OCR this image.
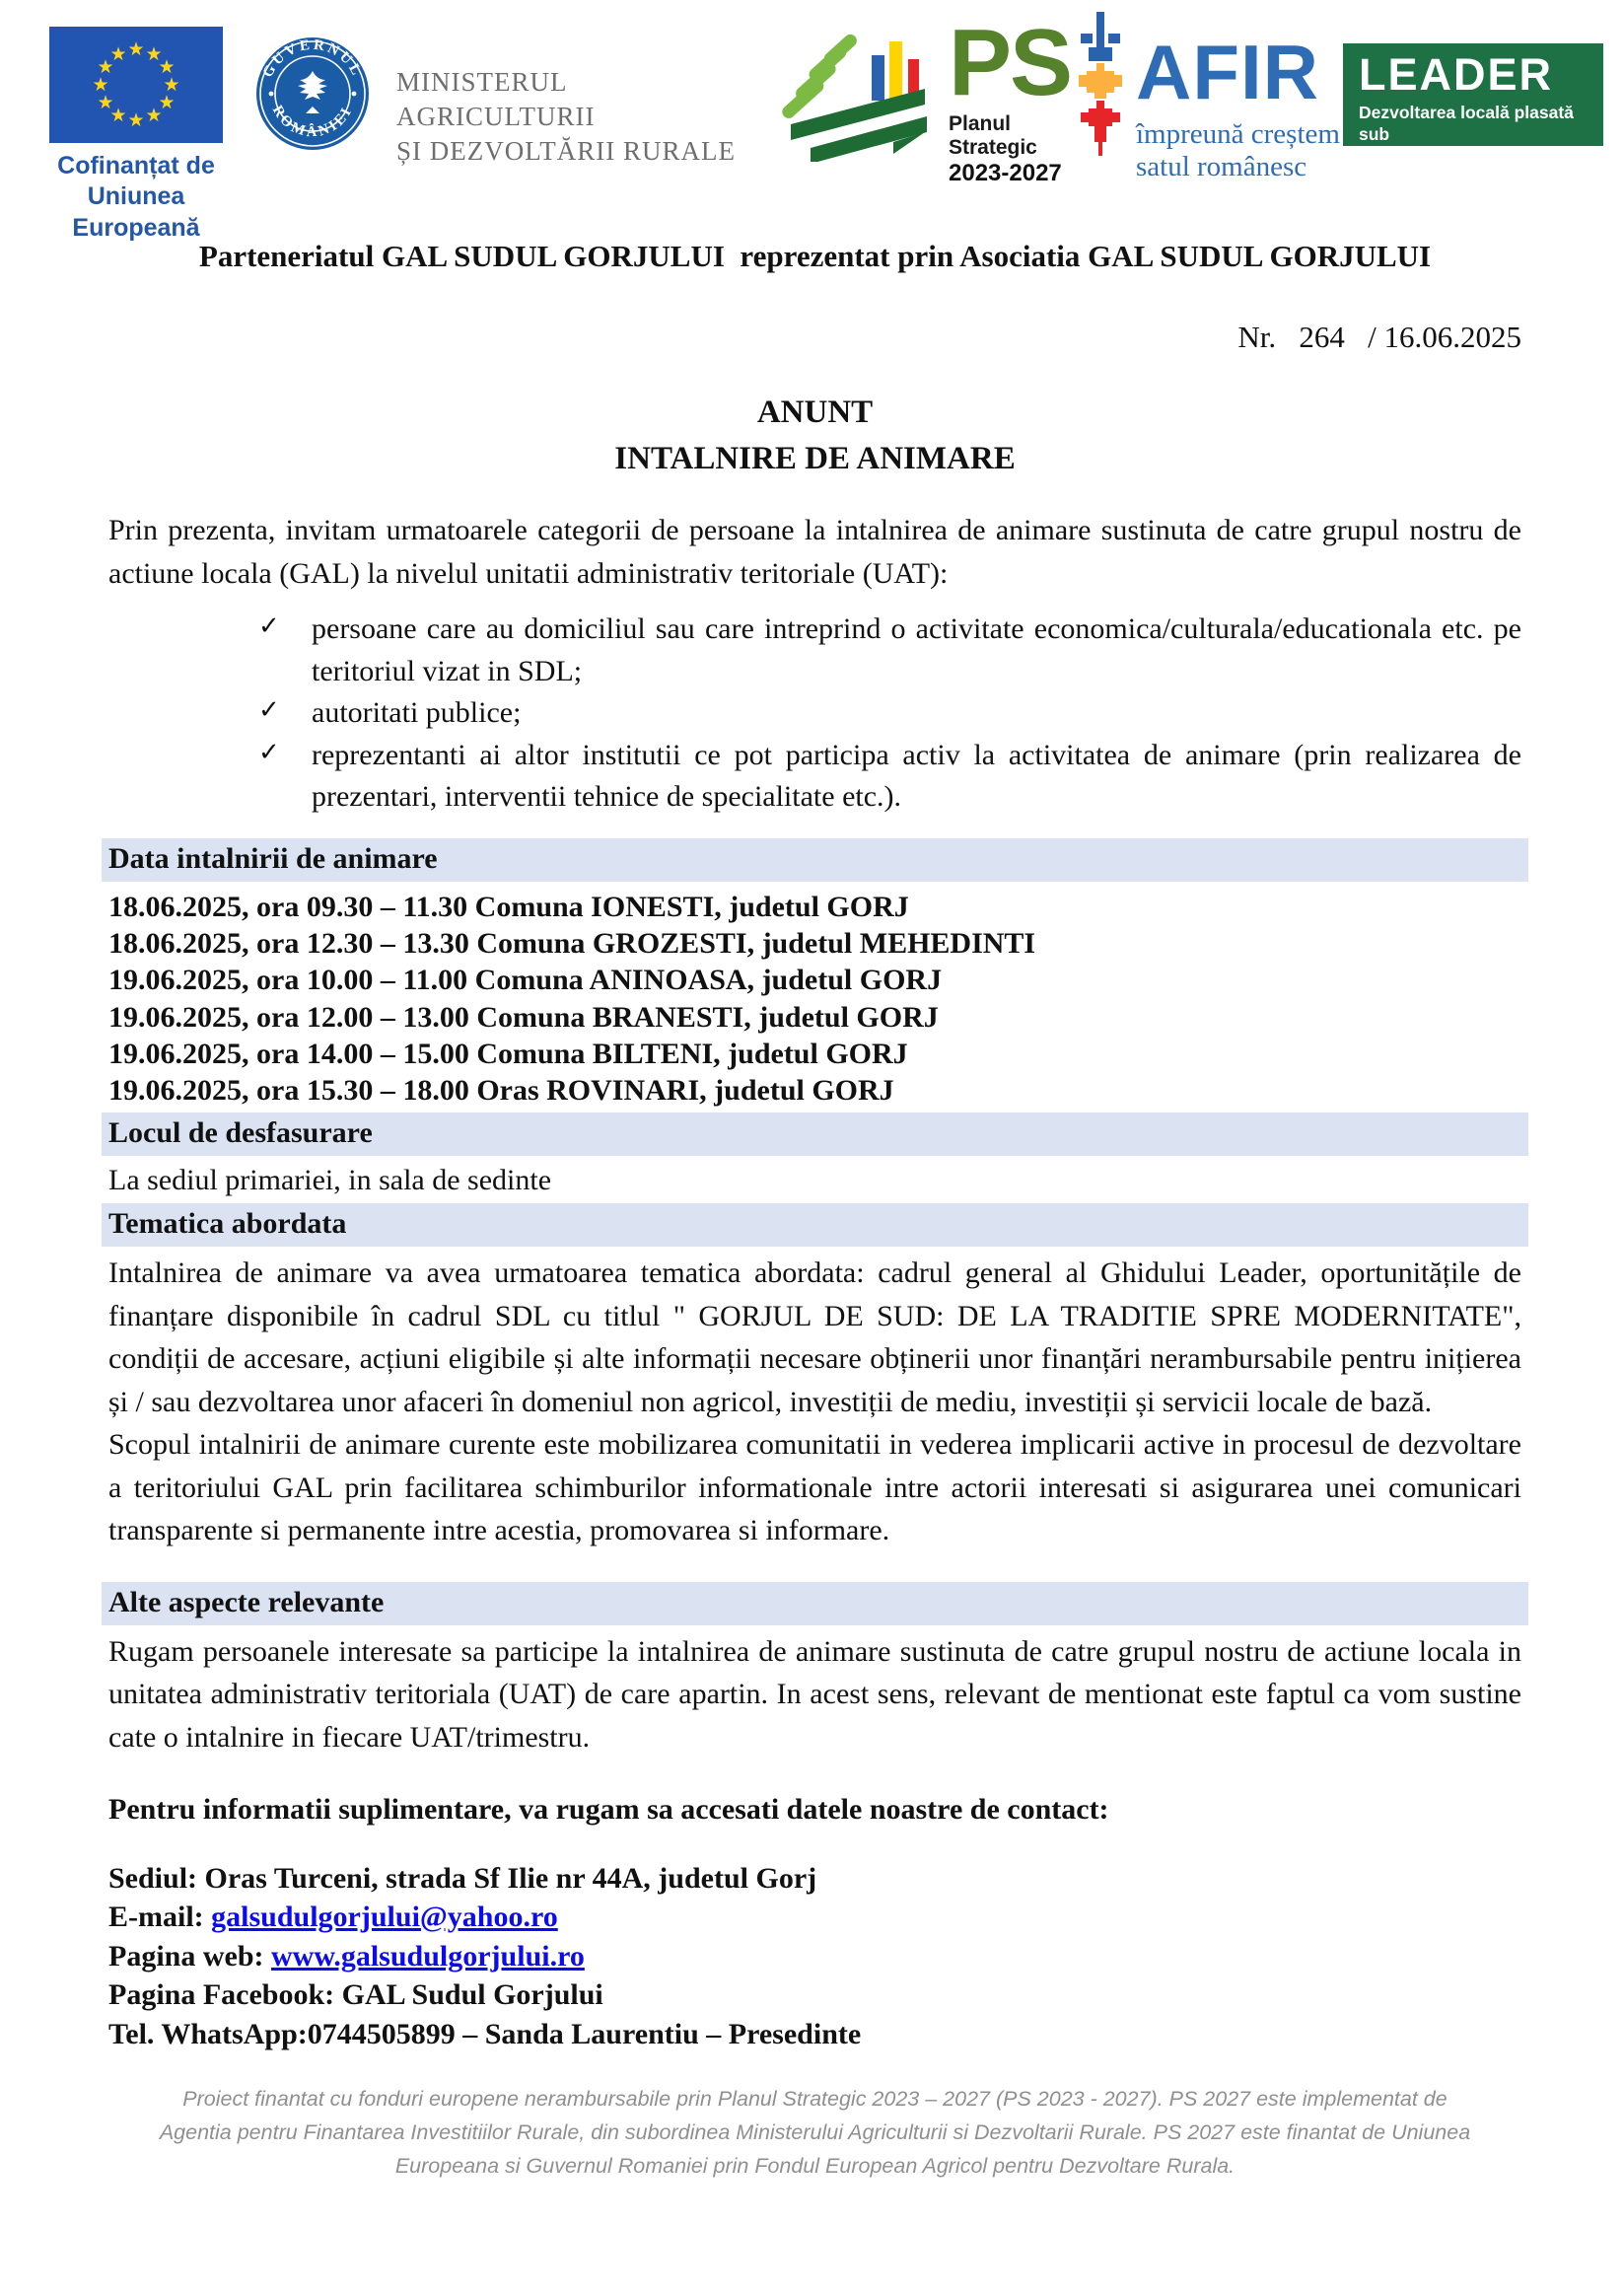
★ ★
★
★
★
★
★
★
★
★
★
★
Cofinanțat de
Uniunea Europeană
GUVERNUL
ROMÂNIEI
MINISTERUL AGRICULTURII
ȘI DEZVOLTĂRII RURALE
PS
Planul Strategic
2023-2027
AFIR
împreună creștem
satul românesc
LEADER
Dezvoltarea locală plasată sub
responsabilitatea comunității

Parteneriatul GAL SUDUL GORJULUI  reprezentat prin Asociatia GAL SUDUL GORJULUI

Nr.   264   / 16.06.2025

ANUNT

INTALNIRE DE ANIMARE

Prin prezenta, invitam urmatoarele categorii de persoane la intalnirea de animare sustinuta de catre grupul nostru de actiune locala (GAL) la nivelul unitatii administrativ teritoriale (UAT):

✓ persoane care au domiciliul sau care intreprind o activitate economica/culturala/educationala etc. pe teritoriul vizat in SDL;
✓ autoritati publice;
✓ reprezentanti ai altor institutii ce pot participa activ la activitatea de animare (prin realizarea de prezentari, interventii tehnice de specialitate etc.).
Data intalnirii de animare

18.06.2025, ora 09.30 – 11.30 Comuna IONESTI, judetul GORJ

18.06.2025, ora 12.30 – 13.30 Comuna GROZESTI, judetul MEHEDINTI

19.06.2025, ora 10.00 – 11.00 Comuna ANINOASA, judetul GORJ

19.06.2025, ora 12.00 – 13.00 Comuna BRANESTI, judetul GORJ

19.06.2025, ora 14.00 – 15.00 Comuna BILTENI, judetul GORJ

19.06.2025, ora 15.30 – 18.00 Oras ROVINARI, judetul GORJ

Locul de desfasurare

La sediul primariei, in sala de sedinte

Tematica abordata

Intalnirea de animare va avea urmatoarea tematica abordata: cadrul general al Ghidului Leader, oportunitățile de finanțare disponibile în cadrul SDL cu titlul " GORJUL DE SUD: DE LA TRADITIE SPRE MODERNITATE", condiții de accesare, acțiuni eligibile și alte informații necesare obținerii unor finanțări nerambursabile pentru inițierea și / sau dezvoltarea unor afaceri în domeniul non agricol, investiții de mediu, investiții și servicii locale de bază.

Scopul intalnirii de animare curente este mobilizarea comunitatii in vederea implicarii active in procesul de dezvoltare a teritoriului GAL prin facilitarea schimburilor informationale intre actorii interesati si asigurarea unei comunicari transparente si permanente intre acestia, promovarea si informare.

Alte aspecte relevante

Rugam persoanele interesate sa participe la intalnirea de animare sustinuta de catre grupul nostru de actiune locala in unitatea administrativ teritoriala (UAT) de care apartin. In acest sens, relevant de mentionat este faptul ca vom sustine cate o intalnire in fiecare UAT/trimestru.

Pentru informatii suplimentare, va rugam sa accesati datele noastre de contact:

Sediul: Oras Turceni, strada Sf Ilie nr 44A, judetul Gorj

E-mail: galsudulgorjului@yahoo.ro

Pagina web: www.galsudulgorjului.ro

Pagina Facebook: GAL Sudul Gorjului

Tel. WhatsApp:0744505899 – Sanda Laurentiu – Presedinte

Proiect finantat cu fonduri europene nerambursabile prin Planul Strategic 2023 – 2027 (PS 2023 - 2027). PS 2027 este implementat de Agentia pentru Finantarea Investitiilor Rurale, din subordinea Ministerului Agriculturii si Dezvoltarii Rurale. PS 2027 este finantat de Uniunea Europeana si Guvernul Romaniei prin Fondul European Agricol pentru Dezvoltare Rurala.
